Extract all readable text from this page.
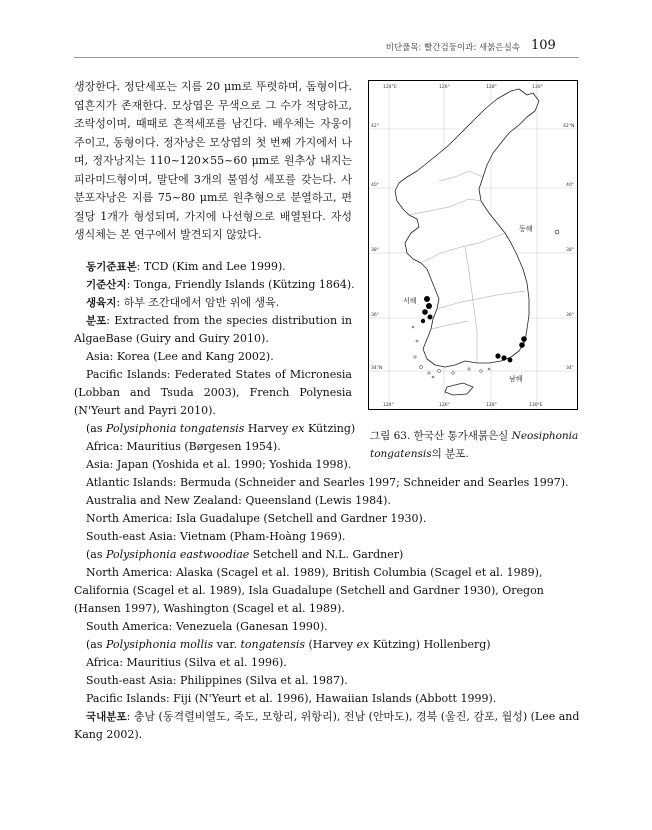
비단풀목: 빨간검둥이과: 새붉은실속 109

생장한다. 정단세포는 지름 20 μm로 뚜렷하며, 돔형이다. 엽흔지가 존재한다. 모상엽은 무색으로 그 수가 적당하고, 조락성이며, 때때로 흔적세포를 남긴다. 배우체는 자웅이주이고, 동형이다. 정자낭은 모상엽의 첫 번째 가지에서 나며, 정자낭지는 110~120×55~60 μm로 원추상 내지는 피라미드형이며, 말단에 3개의 불염성 세포를 갖는다. 사분포자낭은 지름 75~80 μm로 원추형으로 분열하고, 편절당 1개가 형성되며, 가지에 나선형으로 배열된다. 자성 생식체는 본 연구에서 발견되지 않았다.

124°E	126°	128°	130°
124°	126°	128°	130°E
42°
40°
38°
36°
34°N
42°N
40°
38°
36°
34°
동해
서해
남해

그림 63. 한국산 통가새붉은실 Neosiphonia tongatensis의 분포.

동기준표본: TCD (Kim and Lee 1999).

기준산지: Tonga, Friendly Islands (Kützing 1864).

생육지: 하부 조간대에서 암반 위에 생육.

분포: Extracted from the species distribution in AlgaeBase (Guiry and Guiry 2010).

Asia: Korea (Lee and Kang 2002).

Pacific Islands: Federated States of Micronesia (Lobban and Tsuda 2003), French Polynesia (N'Yeurt and Payri 2010).

(as Polysiphonia tongatensis Harvey ex Kützing)

Africa: Mauritius (Børgesen 1954).

Asia: Japan (Yoshida et al. 1990; Yoshida 1998).

Atlantic Islands: Bermuda (Schneider and Searles 1997; Schneider and Searles 1997).

Australia and New Zealand: Queensland (Lewis 1984).

North America: Isla Guadalupe (Setchell and Gardner 1930).

South-east Asia: Vietnam (Pham-Hoàng 1969).

(as Polysiphonia eastwoodiae Setchell and N.L. Gardner)

North America: Alaska (Scagel et al. 1989), British Columbia (Scagel et al. 1989), California (Scagel et al. 1989), Isla Guadalupe (Setchell and Gardner 1930), Oregon (Hansen 1997), Washington (Scagel et al. 1989).

South America: Venezuela (Ganesan 1990).

(as Polysiphonia mollis var. tongatensis (Harvey ex Kützing) Hollenberg)

Africa: Mauritius (Silva et al. 1996).

South-east Asia: Philippines (Silva et al. 1987).

Pacific Islands: Fiji (N'Yeurt et al. 1996), Hawaiian Islands (Abbott 1999).

국내분포: 충남 (동격렬비열도, 죽도, 모항리, 위항리), 전남 (안마도), 경북 (울진, 감포, 월성) (Lee and Kang 2002).
